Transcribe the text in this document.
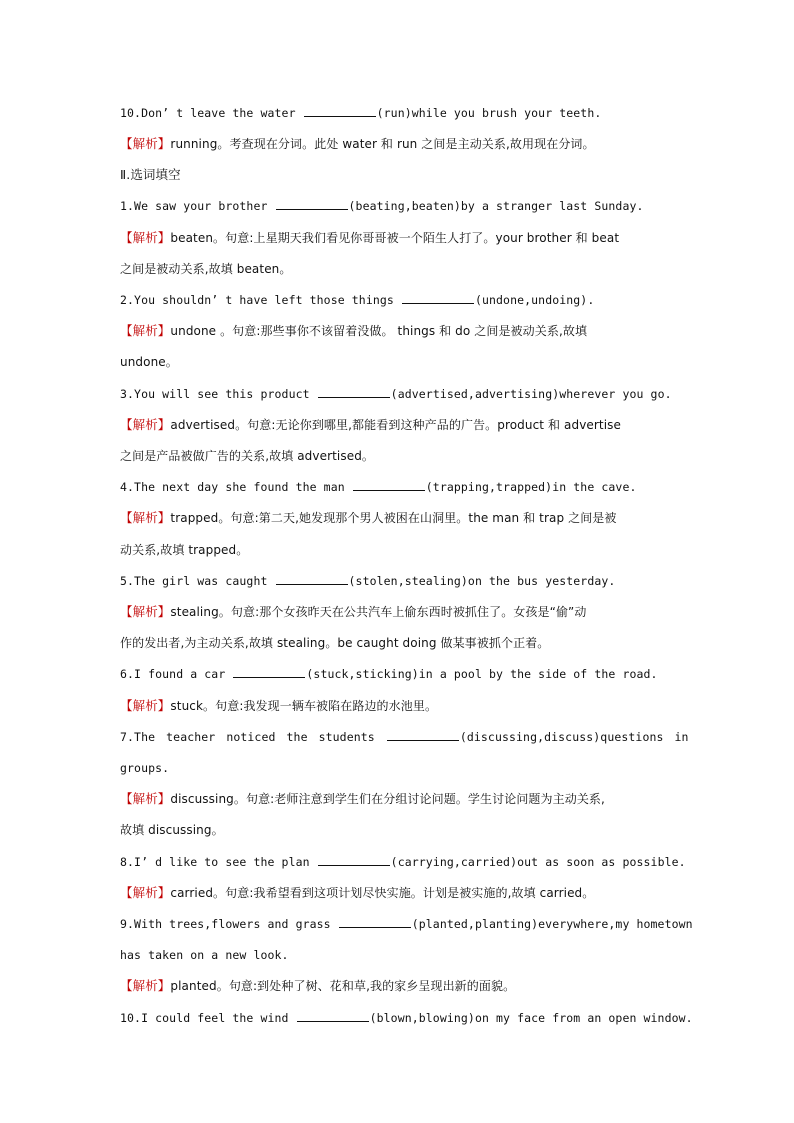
10.Don’ t leave the water	(run)while you brush your teeth.
【解析】running。考查现在分词。此处 water 和 run 之间是主动关系,故用现在分词。
Ⅱ.选词填空
1.We saw your brother	(beating,beaten)by a stranger last Sunday.
【解析】beaten。句意:上星期天我们看见你哥哥被一个陌生人打了。your brother 和 beat
之间是被动关系,故填 beaten。
2.You shouldn’ t have left those things	(undone,undoing).
【解析】undone 。句意:那些事你不该留着没做。 things 和 do 之间是被动关系,故填
undone。
3.You will see this product	(advertised,advertising)wherever you go.
【解析】advertised。句意:无论你到哪里,都能看到这种产品的广告。product 和 advertise
之间是产品被做广告的关系,故填 advertised。
4.The next day she found the man	(trapping,trapped)in the cave.
【解析】trapped。句意:第二天,她发现那个男人被困在山洞里。the man 和 trap 之间是被
动关系,故填 trapped。
5.The girl was caught	(stolen,stealing)on the bus yesterday.
【解析】stealing。句意:那个女孩昨天在公共汽车上偷东西时被抓住了。女孩是“偷”动
作的发出者,为主动关系,故填 stealing。be caught doing 做某事被抓个正着。
6.I found a car	(stuck,sticking)in a pool by the side of the road.
【解析】stuck。句意:我发现一辆车被陷在路边的水池里。
7.The teacher noticed the students	(discussing,discuss)questions in
groups.
【解析】discussing。句意:老师注意到学生们在分组讨论问题。学生讨论问题为主动关系,
故填 discussing。
8.I’ d like to see the plan	(carrying,carried)out as soon as possible.
【解析】carried。句意:我希望看到这项计划尽快实施。计划是被实施的,故填 carried。
9.With trees,flowers and grass	(planted,planting)everywhere,my hometown
has taken on a new look.
【解析】planted。句意:到处种了树、花和草,我的家乡呈现出新的面貌。
10.I could feel the wind	(blown,blowing)on my face from an open window.
